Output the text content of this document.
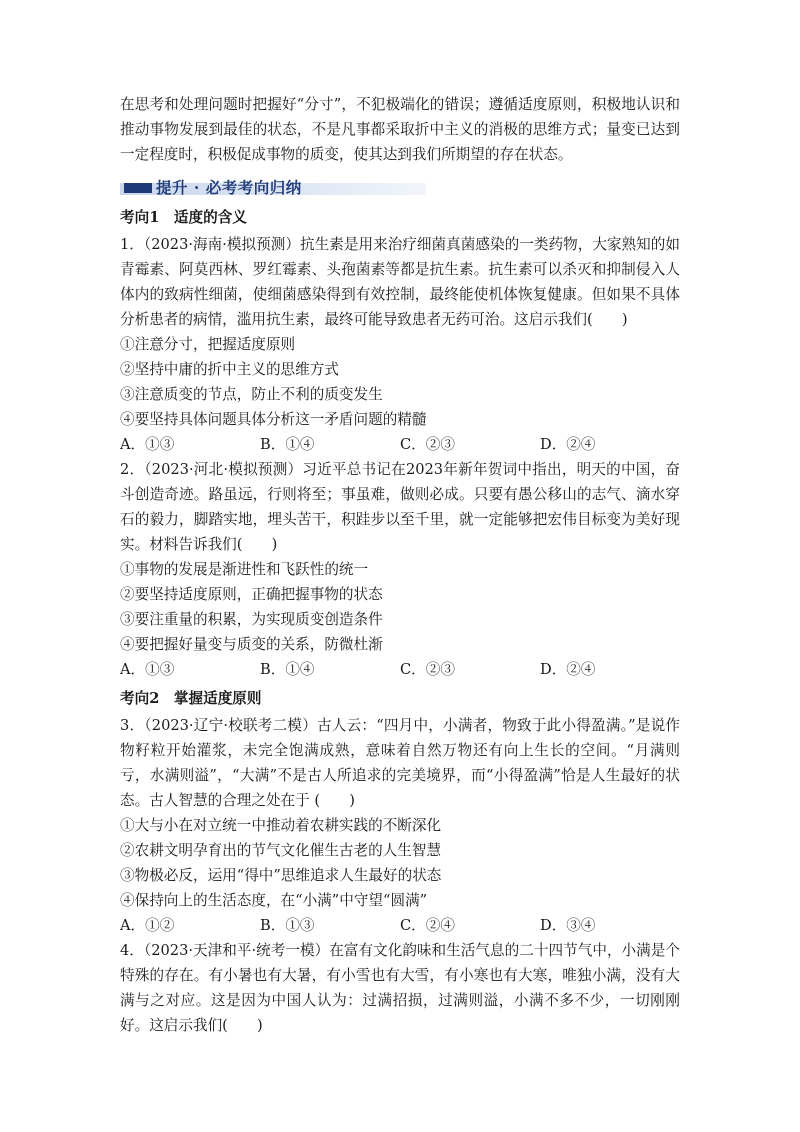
在思考和处理问题时把握好“分寸”，不犯极端化的错误；遵循适度原则，积极地认识和推动事物发展到最佳的状态，不是凡事都采取折中主义的消极的思维方式；量变已达到一定程度时，积极促成事物的质变，使其达到我们所期望的存在状态。

提升 · 必考考向归纳
考向1　适度的含义

1．（2023·海南·模拟预测）抗生素是用来治疗细菌真菌感染的一类药物，大家熟知的如青霉素、阿莫西林、罗红霉素、头孢菌素等都是抗生素。抗生素可以杀灭和抑制侵入人体内的致病性细菌，使细菌感染得到有效控制，最终能使机体恢复健康。但如果不具体分析患者的病情，滥用抗生素，最终可能导致患者无药可治。这启示我们(　　)

①注意分寸，把握适度原则

②坚持中庸的折中主义的思维方式

③注意质变的节点，防止不利的质变发生

④要坚持具体问题具体分析这一矛盾问题的精髓

A．①③	B．①④	C．②③	D．②④

2．（2023·河北·模拟预测）习近平总书记在2023年新年贺词中指出，明天的中国，奋斗创造奇迹。路虽远，行则将至；事虽难，做则必成。只要有愚公移山的志气、滴水穿石的毅力，脚踏实地，埋头苦干，积跬步以至千里，就一定能够把宏伟目标变为美好现实。材料告诉我们(　　)

①事物的发展是渐进性和飞跃性的统一

②要坚持适度原则，正确把握事物的状态

③要注重量的积累，为实现质变创造条件

④要把握好量变与质变的关系，防微杜渐

A．①③	B．①④	C．②③	D．②④
考向2　掌握适度原则

3．（2023·辽宁·校联考二模）古人云：“四月中，小满者，物致于此小得盈满。”是说作物籽粒开始灌浆，未完全饱满成熟，意味着自然万物还有向上生长的空间。“月满则亏，水满则溢”，“大满”不是古人所追求的完美境界，而“小得盈满”恰是人生最好的状态。古人智慧的合理之处在于 (　　)

①大与小在对立统一中推动着农耕实践的不断深化

②农耕文明孕育出的节气文化催生古老的人生智慧

③物极必反，运用“得中”思维追求人生最好的状态

④保持向上的生活态度，在“小满”中守望“圆满”

A．①②	B．①③	C．②④	D．③④

4．（2023·天津和平·统考一模）在富有文化韵味和生活气息的二十四节气中，小满是个特殊的存在。有小暑也有大暑，有小雪也有大雪，有小寒也有大寒，唯独小满，没有大满与之对应。这是因为中国人认为：过满招损，过满则溢，小满不多不少，一切刚刚好。这启示我们(　　)
